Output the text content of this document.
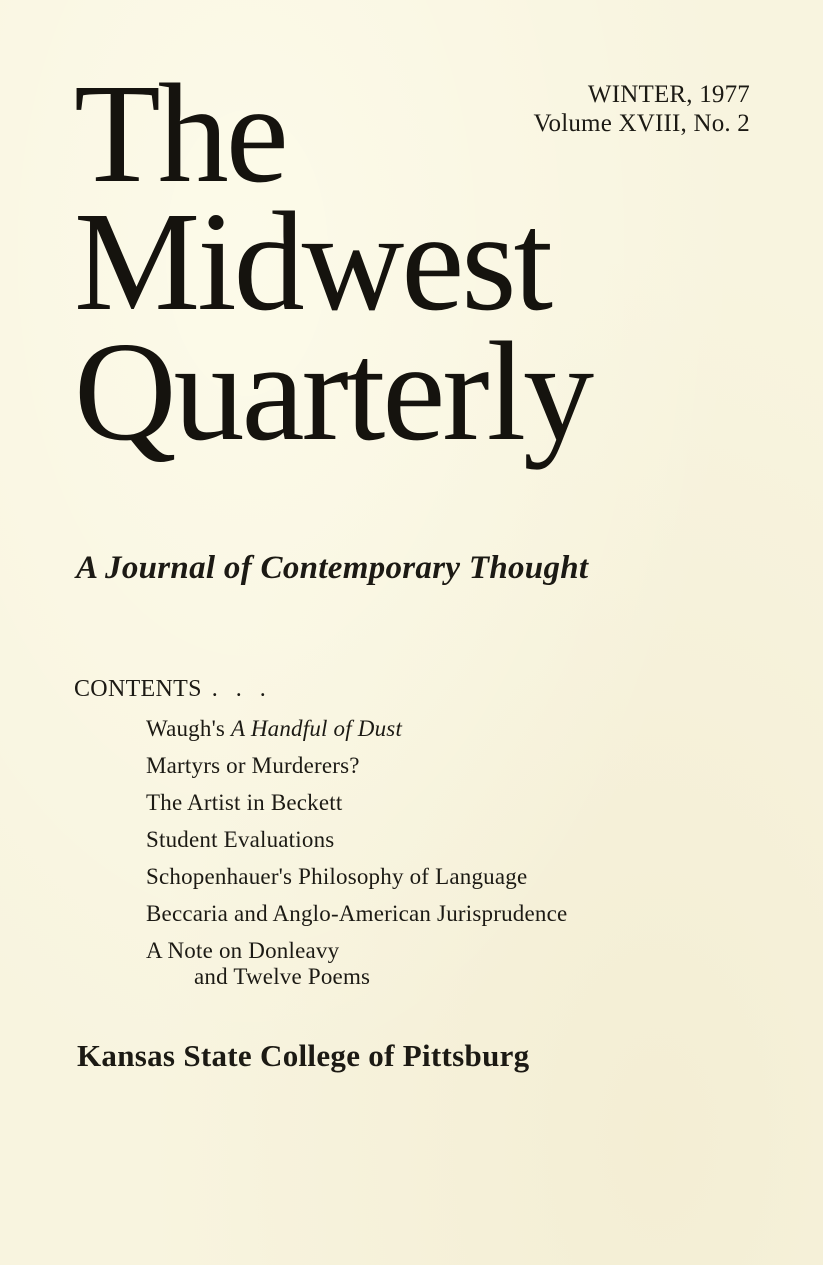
WINTER, 1977
Volume XVIII, No. 2
The
Midwest
Quarterly
A Journal of Contemporary Thought
CONTENTS . . .
Waugh's A Handful of Dust
Martyrs or Murderers?
The Artist in Beckett
Student Evaluations
Schopenhauer's Philosophy of Language
Beccaria and Anglo-American Jurisprudence
A Note on Donleavy
and Twelve Poems
Kansas State College of Pittsburg
